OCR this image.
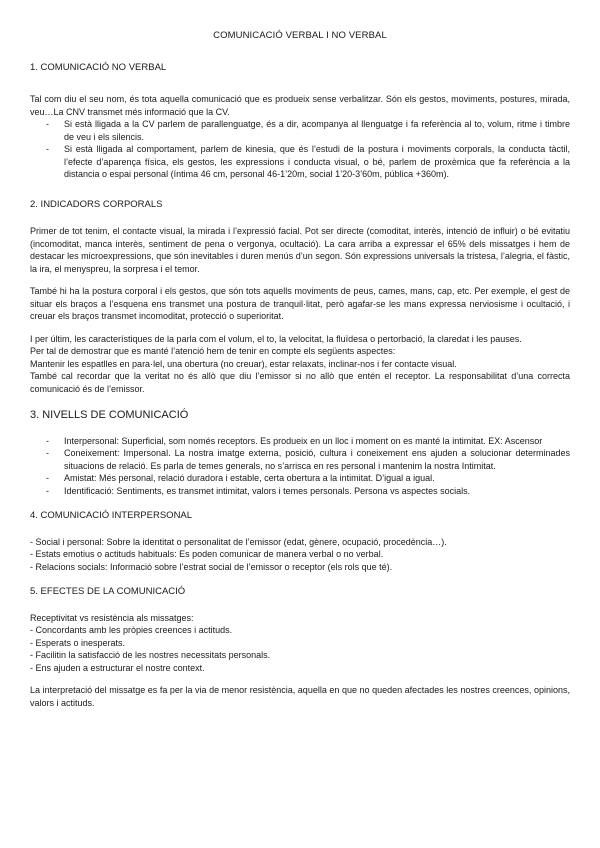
COMUNICACIÓ VERBAL I NO VERBAL

1. COMUNICACIÓ NO VERBAL

Tal com diu el seu nom, és tota aquella comunicació que es produeix sense verbalitzar. Són els gestos, moviments, postures, mirada, veu…La CNV transmet més informació que la CV.

- Si està lligada a la CV parlem de parallenguatge, és a dir, acompanya al llenguatge i fa referència al to, volum, ritme i timbre de veu i els silencis.
- Si està lligada al comportament, parlem de kinesia, que és l’estudi de la postura i moviments corporals, la conducta tàctil, l’efecte d’aparença física, els gestos, les expressions i conducta visual, o bé, parlem de proxèmica que fa referència a la distancia o espai personal (íntima 46 cm, personal 46-1’20m, social 1’20-3’60m, pública +360m).
2. INDICADORS CORPORALS

Primer de tot tenim, el contacte visual, la mirada i l’expressió facial. Pot ser directe (comoditat, interès, intenció de influir) o bé evitatiu (incomoditat, manca interès, sentiment de pena o vergonya, ocultació). La cara arriba a expressar el 65% dels missatges i hem de destacar les microexpressions, que són inevitables i duren menús d’un segon. Són expressions universals la tristesa, l’alegria, el fàstic, la ira, el menyspreu, la sorpresa i el temor.

També hi ha la postura corporal i els gestos, que són tots aquells moviments de peus, cames, mans, cap, etc. Per exemple, el gest de situar els braços a l’esquena ens transmet una postura de tranquil·litat, però agafar-se les mans expressa nerviosisme i ocultació, i creuar els braços transmet incomoditat, protecció o superioritat.

I per últim, les característiques de la parla com el volum, el to, la velocitat, la fluïdesa o pertorbació, la claredat i les pauses.

Per tal de demostrar que es manté l’atenció hem de tenir en compte els següents aspectes:

Mantenir les espatlles en para·lel, una obertura (no creuar), estar relaxats, inclinar-nos i fer contacte visual.

També cal recordar que la veritat no és allò que diu l’emissor si no allò que entén el receptor. La responsabilitat d’una correcta comunicació és de l’emissor.

3. NIVELLS DE COMUNICACIÓ
- Interpersonal: Superficial, som només receptors. Es produeix en un lloc i moment on es manté la intimitat. EX: Ascensor
- Coneixement: Impersonal. La nostra imatge externa, posició, cultura i coneixement ens ajuden a solucionar determinades situacions de relació. Es parla de temes generals, no s’arrisca en res personal i mantenim la nostra Intimitat.
- Amistat: Més personal, relació duradora i estable, certa obertura a la intimitat. D’igual a igual.
- Identificació: Sentiments, es transmet intimitat, valors i temes personals. Persona vs aspectes socials.
4. COMUNICACIÓ INTERPERSONAL

- Social i personal: Sobre la identitat o personalitat de l’emissor (edat, gènere, ocupació, procedència…).

- Estats emotius o actituds habituals: Es poden comunicar de manera verbal o no verbal.

- Relacions socials: Informació sobre l’estrat social de l’emissor o receptor (els rols que té).

5. EFECTES DE LA COMUNICACIÓ

Receptivitat vs resistència als missatges:

- Concordants amb les pròpies creences i actituds.

- Esperats o inesperats.

- Facilitin la satisfacció de les nostres necessitats personals.

- Ens ajuden a estructurar el nostre context.

La interpretació del missatge es fa per la via de menor resistència, aquella en que no queden afectades les nostres creences, opinions, valors i actituds.
